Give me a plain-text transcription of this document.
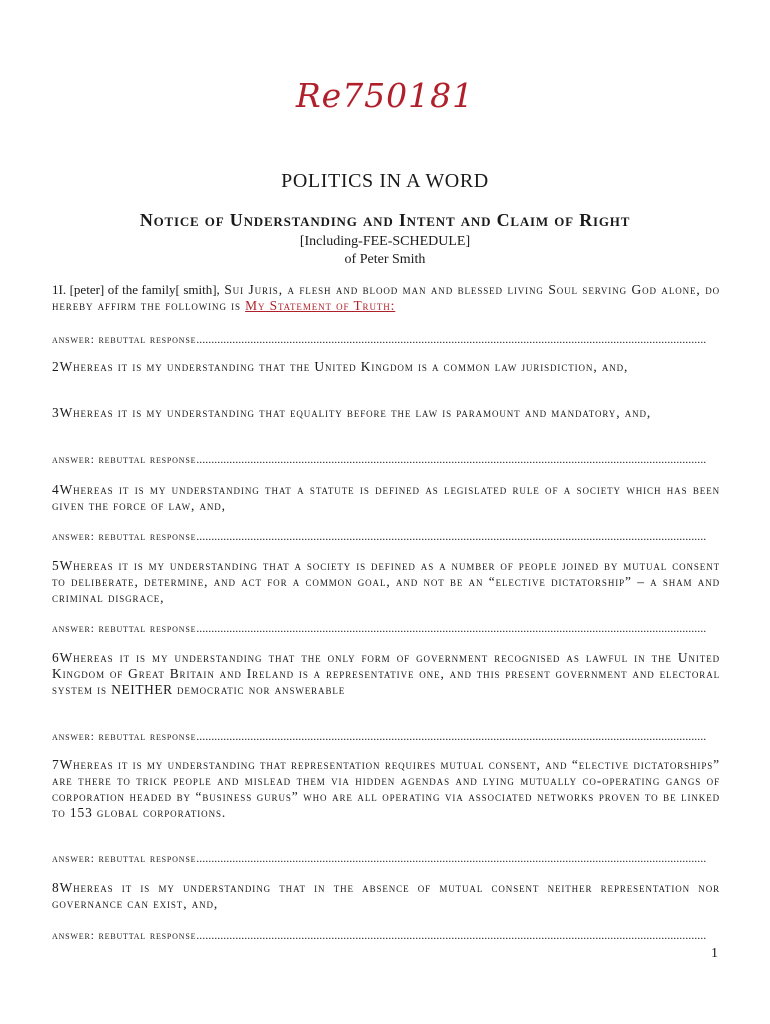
Re750181
POLITICS IN A WORD
Notice of Understanding and Intent and Claim of Right
[Including-FEE-SCHEDULE]
of Peter Smith
1I. [peter] of the family[ smith], Sui Juris, a flesh and blood man and blessed living Soul serving God alone, do hereby affirm the following is My Statement of Truth:
answer: rebuttal response..........................................................................................................................................................................
2Whereas it is my understanding that the United Kingdom is a common law jurisdiction, and,
3Whereas it is my understanding that equality before the law is paramount and mandatory, and,
answer: rebuttal response..........................................................................................................................................................................
4Whereas it is my understanding that a statute is defined as legislated rule of a society which has been given the force of law, and,
answer: rebuttal response..........................................................................................................................................................................
5Whereas it is my understanding that a society is defined as a number of people joined by mutual consent to deliberate, determine, and act for a common goal, and not be an “elective dictatorship” – a sham and criminal disgrace,
answer: rebuttal response..........................................................................................................................................................................
6Whereas it is my understanding that the only form of government recognised as lawful in the United Kingdom of Great Britain and Ireland is a representative one, and this present government and electoral system is NEITHER democratic nor answerable
answer: rebuttal response..........................................................................................................................................................................
7Whereas it is my understanding that representation requires mutual consent, and “elective dictatorships” are there to trick people and mislead them via hidden agendas and lying mutually co-operating gangs of corporation headed by “business gurus” who are all operating via associated networks proven to be linked to 153 global corporations.
answer: rebuttal response..........................................................................................................................................................................
8Whereas it is my understanding that in the absence of mutual consent neither representation nor governance can exist, and,
answer: rebuttal response..........................................................................................................................................................................
1
